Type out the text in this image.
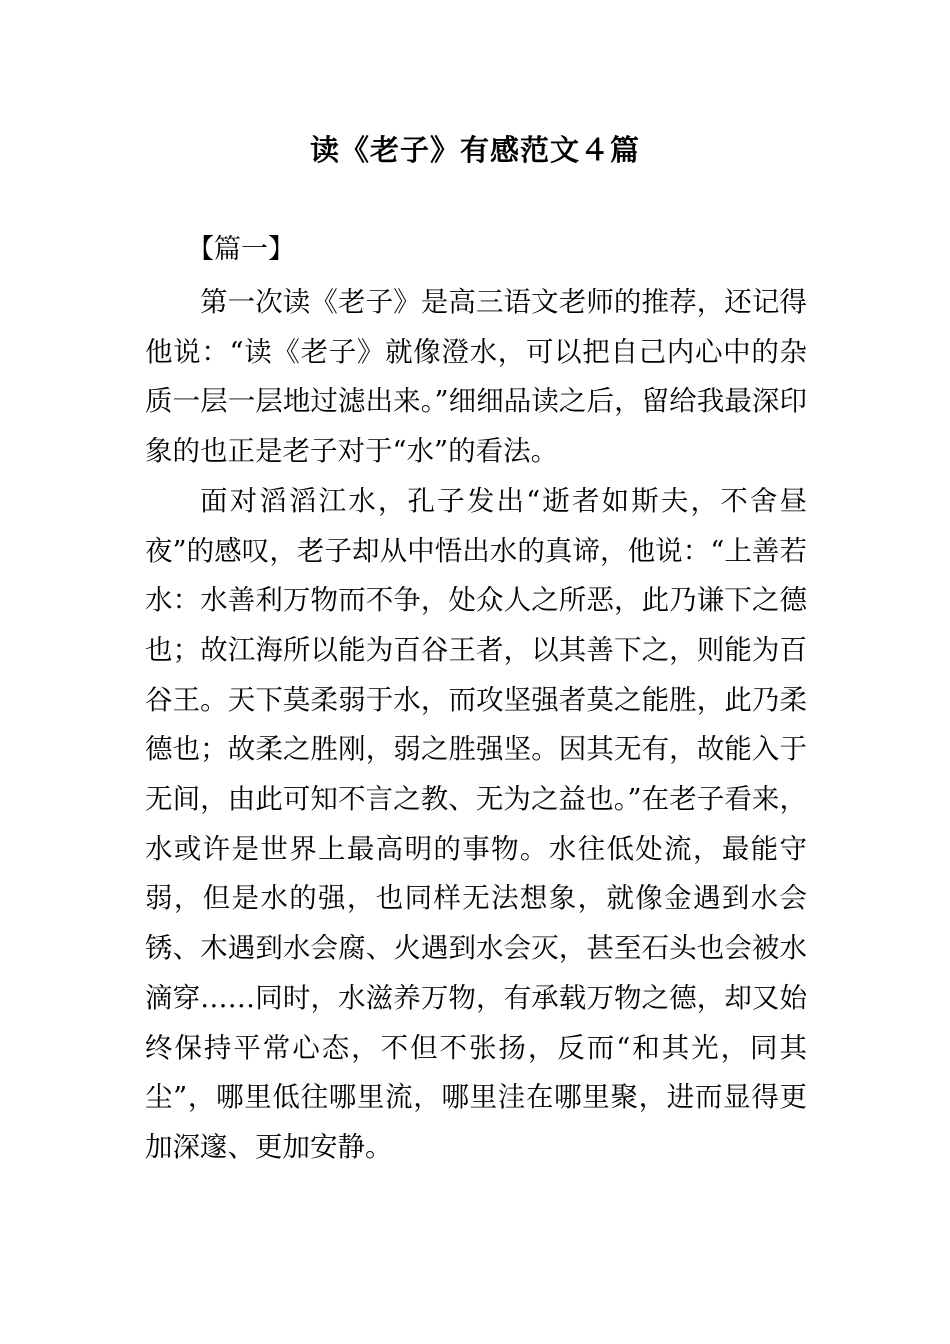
读《老子》有感范文４篇
【篇一】

第一次读《老子》是高三语文老师的推荐，还记得他说：“读《老子》就像澄水，可以把自己内心中的杂质一层一层地过滤出来。”细细品读之后，留给我最深印象的也正是老子对于“水”的看法。

面对滔滔江水，孔子发出“逝者如斯夫，不舍昼夜”的感叹，老子却从中悟出水的真谛，他说：“上善若水：水善利万物而不争，处众人之所恶，此乃谦下之德也；故江海所以能为百谷王者，以其善下之，则能为百谷王。天下莫柔弱于水，而攻坚强者莫之能胜，此乃柔德也；故柔之胜刚，弱之胜强坚。因其无有，故能入于无间，由此可知不言之教、无为之益也。”在老子看来，水或许是世界上最高明的事物。水往低处流，最能守弱，但是水的强，也同样无法想象，就像金遇到水会锈、木遇到水会腐、火遇到水会灭，甚至石头也会被水滴穿……同时，水滋养万物，有承载万物之德，却又始终保持平常心态，不但不张扬，反而“和其光，同其尘”，哪里低往哪里流，哪里洼在哪里聚，进而显得更加深邃、更加安静。
